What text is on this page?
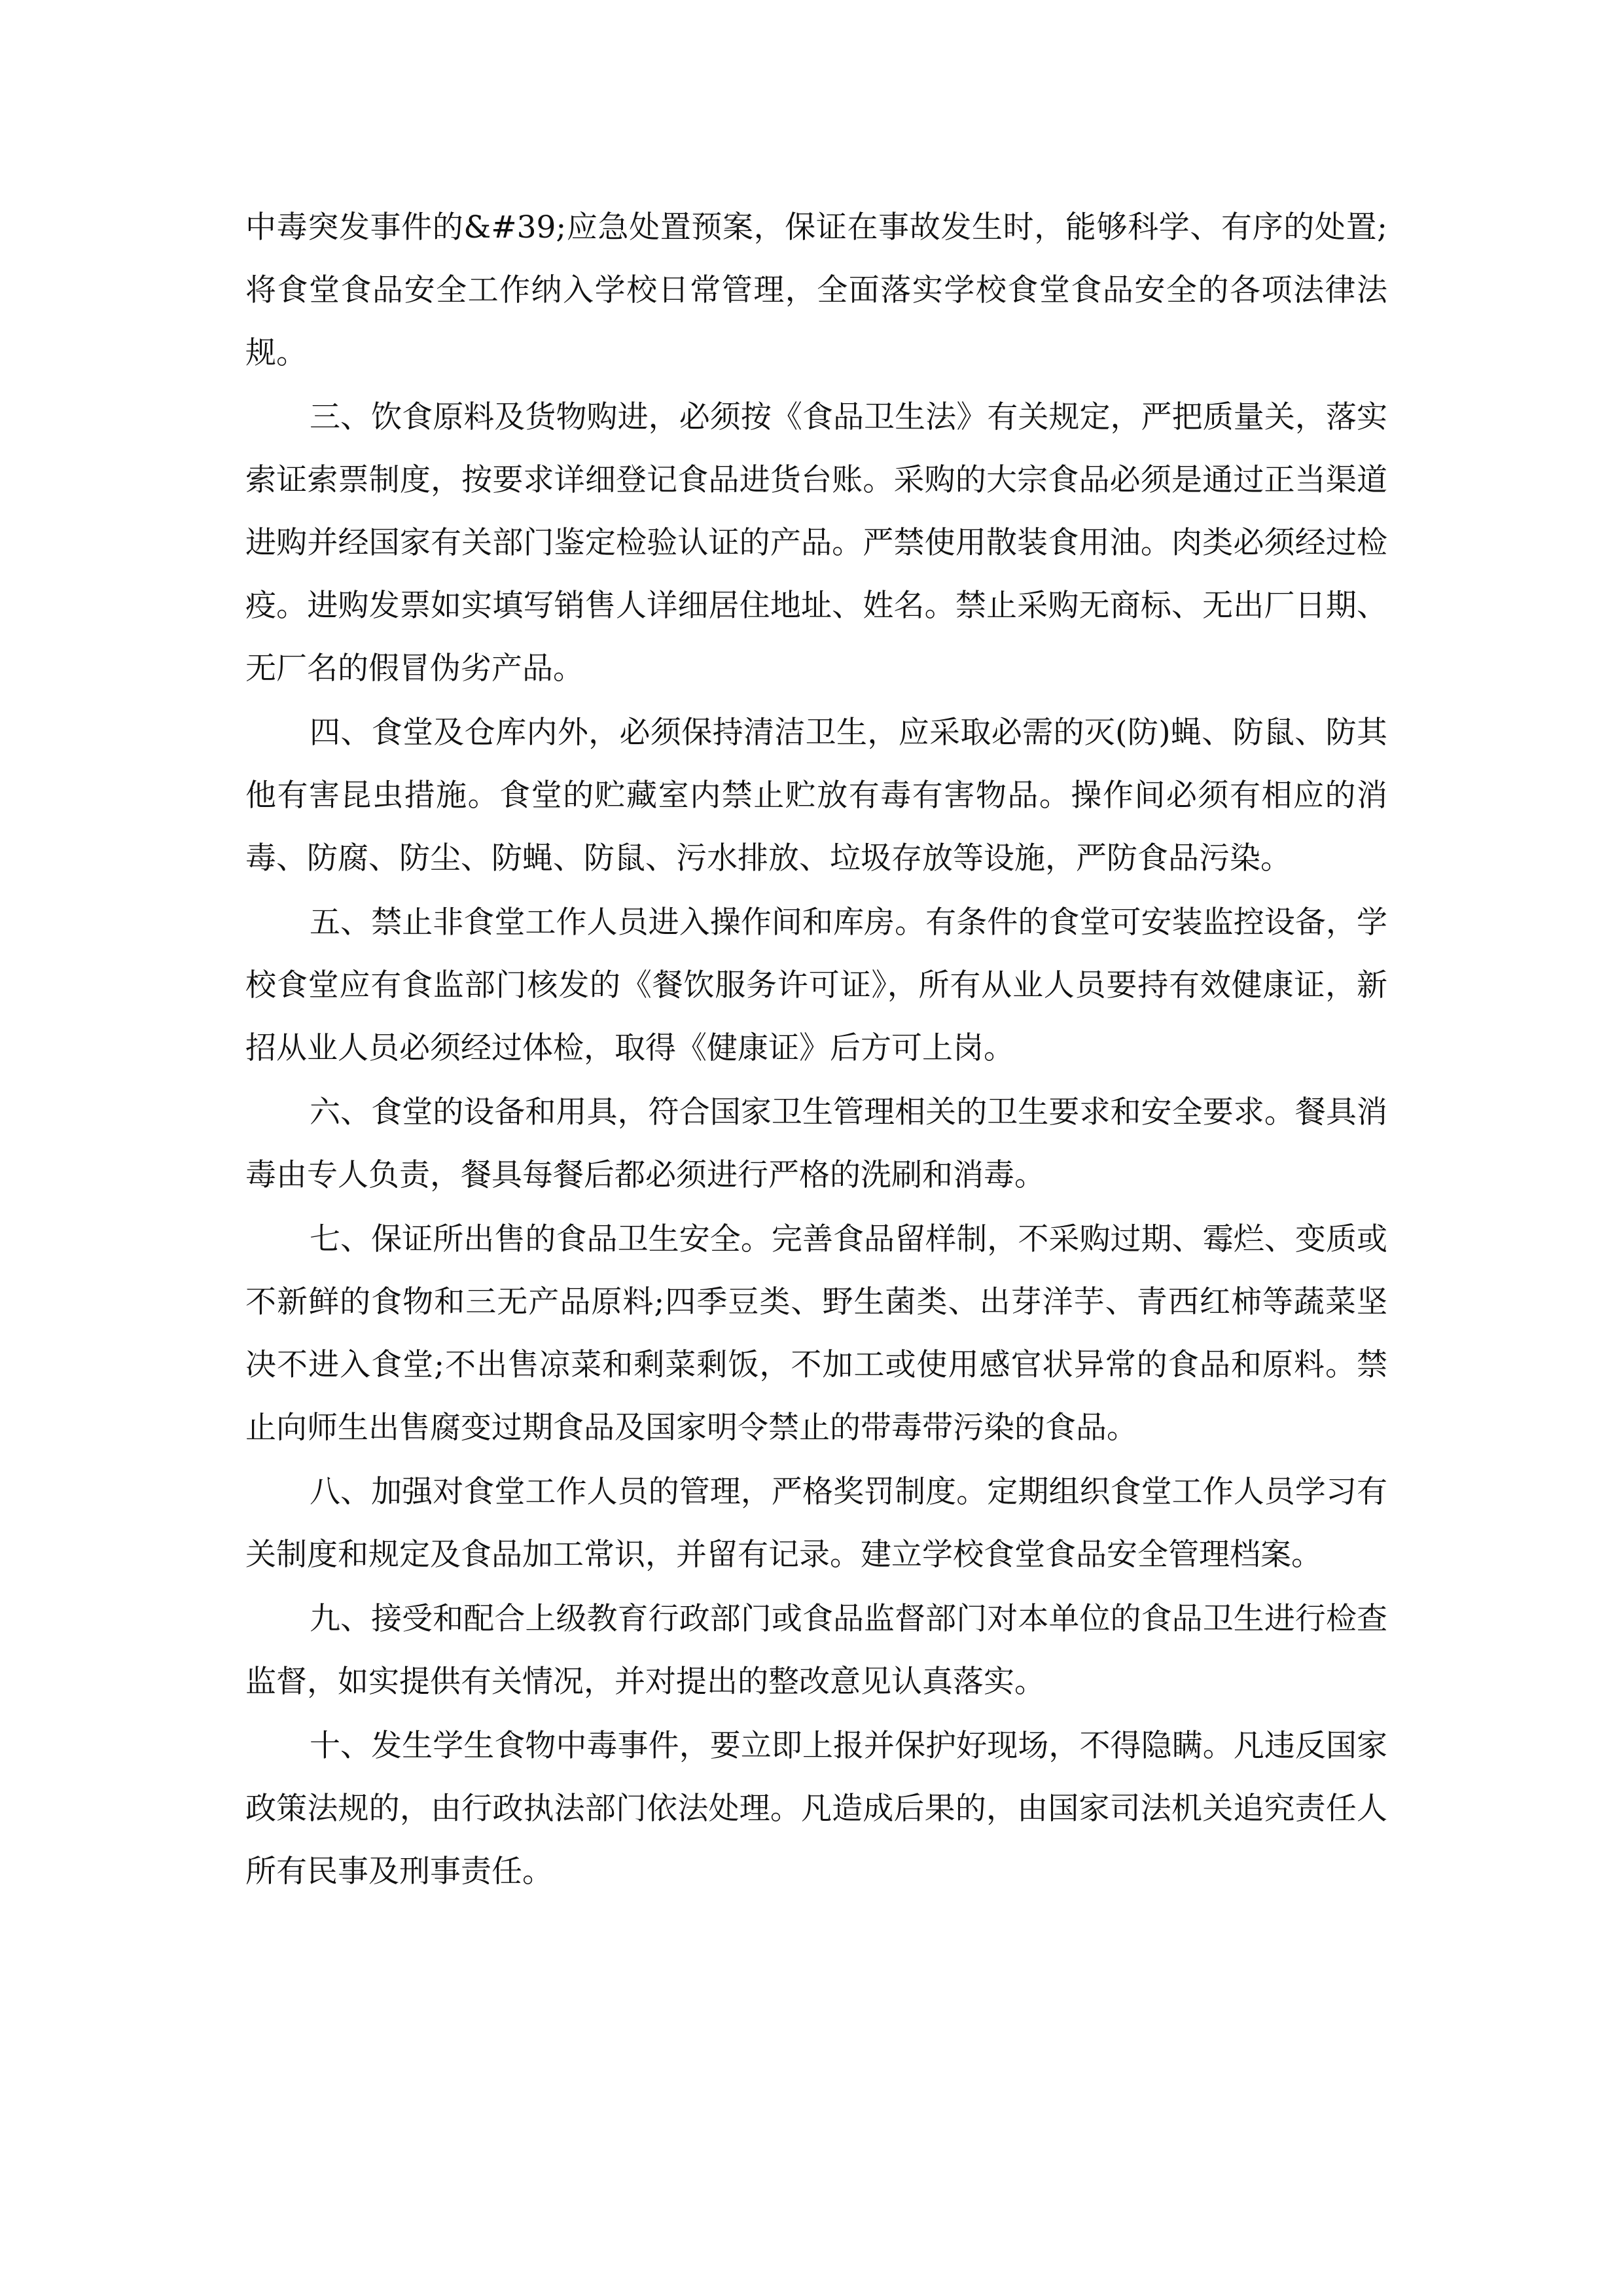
中毒突发事件的&#39;应急处置预案，保证在事故发生时，能够科学、有序的处置;将食堂食品安全工作纳入学校日常管理，全面落实学校食堂食品安全的各项法律法规。

三、饮食原料及货物购进，必须按《食品卫生法》有关规定，严把质量关，落实索证索票制度，按要求详细登记食品进货台账。采购的大宗食品必须是通过正当渠道进购并经国家有关部门鉴定检验认证的产品。严禁使用散装食用油。肉类必须经过检疫。进购发票如实填写销售人详细居住地址、姓名。禁止采购无商标、无出厂日期、无厂名的假冒伪劣产品。

四、食堂及仓库内外，必须保持清洁卫生，应采取必需的灭(防)蝇、防鼠、防其他有害昆虫措施。食堂的贮藏室内禁止贮放有毒有害物品。操作间必须有相应的消毒、防腐、防尘、防蝇、防鼠、污水排放、垃圾存放等设施，严防食品污染。

五、禁止非食堂工作人员进入操作间和库房。有条件的食堂可安装监控设备，学校食堂应有食监部门核发的《餐饮服务许可证》，所有从业人员要持有效健康证，新招从业人员必须经过体检，取得《健康证》后方可上岗。

六、食堂的设备和用具，符合国家卫生管理相关的卫生要求和安全要求。餐具消毒由专人负责，餐具每餐后都必须进行严格的洗刷和消毒。

七、保证所出售的食品卫生安全。完善食品留样制，不采购过期、霉烂、变质或不新鲜的食物和三无产品原料;四季豆类、野生菌类、出芽洋芋、青西红柿等蔬菜坚决不进入食堂;不出售凉菜和剩菜剩饭，不加工或使用感官状异常的食品和原料。禁止向师生出售腐变过期食品及国家明令禁止的带毒带污染的食品。

八、加强对食堂工作人员的管理，严格奖罚制度。定期组织食堂工作人员学习有关制度和规定及食品加工常识，并留有记录。建立学校食堂食品安全管理档案。

九、接受和配合上级教育行政部门或食品监督部门对本单位的食品卫生进行检查监督，如实提供有关情况，并对提出的整改意见认真落实。

十、发生学生食物中毒事件，要立即上报并保护好现场，不得隐瞒。凡违反国家政策法规的，由行政执法部门依法处理。凡造成后果的，由国家司法机关追究责任人所有民事及刑事责任。
